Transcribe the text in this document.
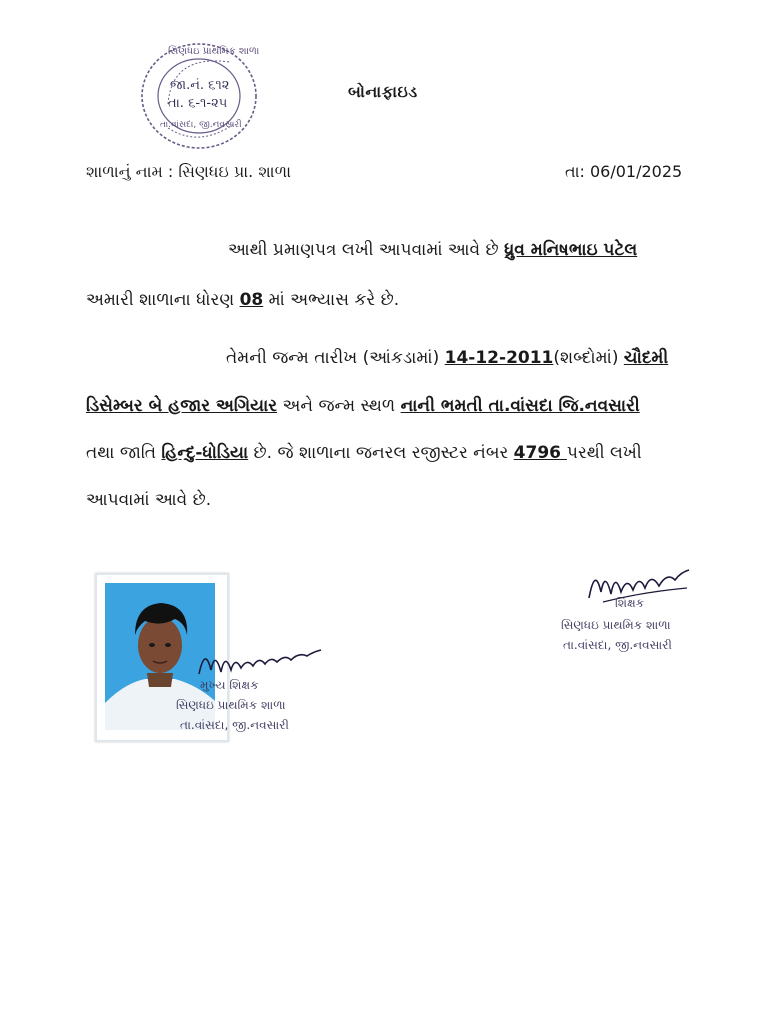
સિણધઇ પ્રાથમિક શાળા
જા.નં. ૬૧૨
તા. ૬-૧-૨૫
તા.વાંસદા, જી.નવસારી
બોનાફાઇડ
શાળાનું નામ : સિણધઇ પ્રા. શાળા	તા: 06/01/2025
આથી પ્રમાણપત્ર લખી આપવામાં આવે છે ધ્રુવ મનિષભાઇ પટેલ
અમારી શાળાના ધોરણ 08 માં અભ્યાસ કરે છે.
તેમની જન્મ તારીખ (આંકડામાં) 14-12-2011(શબ્દોમાં) ચૌદમી
ડિસેમ્બર બે હજાર અગિયાર અને જન્મ સ્થળ નાની ભમતી તા.વાંસદા જિ.નવસારી
તથા જાતિ હિન્દુ-ધોડિયા છે. જે શાળાના જનરલ રજીસ્ટર નંબર 4796 પરથી લખી
આપવામાં આવે છે.
મુખ્ય શિક્ષક
સિણધઇ પ્રાથમિક શાળા
તા.વાંસદા, જી.નવસારી
શિક્ષક
સિણધઇ પ્રાથમિક શાળા
તા.વાંસદા, જી.નવસારી
